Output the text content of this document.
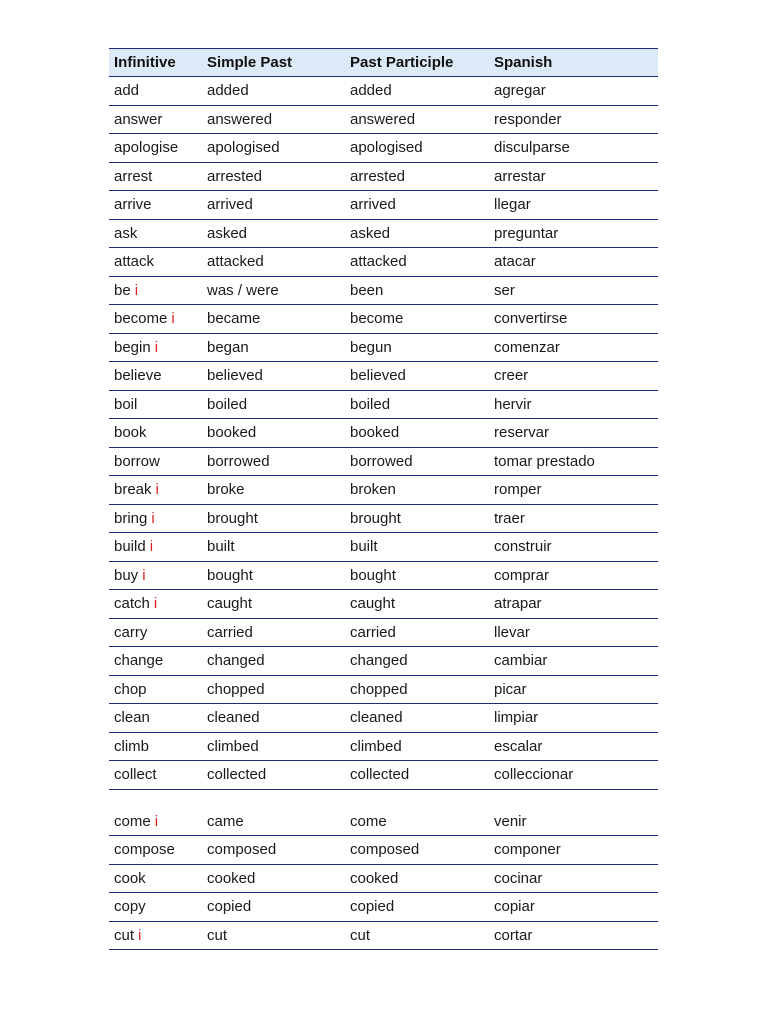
Infinitive	Simple Past	Past Participle	Spanish
add	added	added	agregar
answer	answered	answered	responder
apologise	apologised	apologised	disculparse
arrest	arrested	arrested	arrestar
arrive	arrived	arrived	llegar
ask	asked	asked	preguntar
attack	attacked	attacked	atacar
be i	was / were	been	ser
become i	became	become	convertirse
begin i	began	begun	comenzar
believe	believed	believed	creer
boil	boiled	boiled	hervir
book	booked	booked	reservar
borrow	borrowed	borrowed	tomar prestado
break i	broke	broken	romper
bring i	brought	brought	traer
build i	built	built	construir
buy i	bought	bought	comprar
catch i	caught	caught	atrapar
carry	carried	carried	llevar
change	changed	changed	cambiar
chop	chopped	chopped	picar
clean	cleaned	cleaned	limpiar
climb	climbed	climbed	escalar
collect	collected	collected	colleccionar
come i	came	come	venir
compose	composed	composed	componer
cook	cooked	cooked	cocinar
copy	copied	copied	copiar
cut i	cut	cut	cortar
